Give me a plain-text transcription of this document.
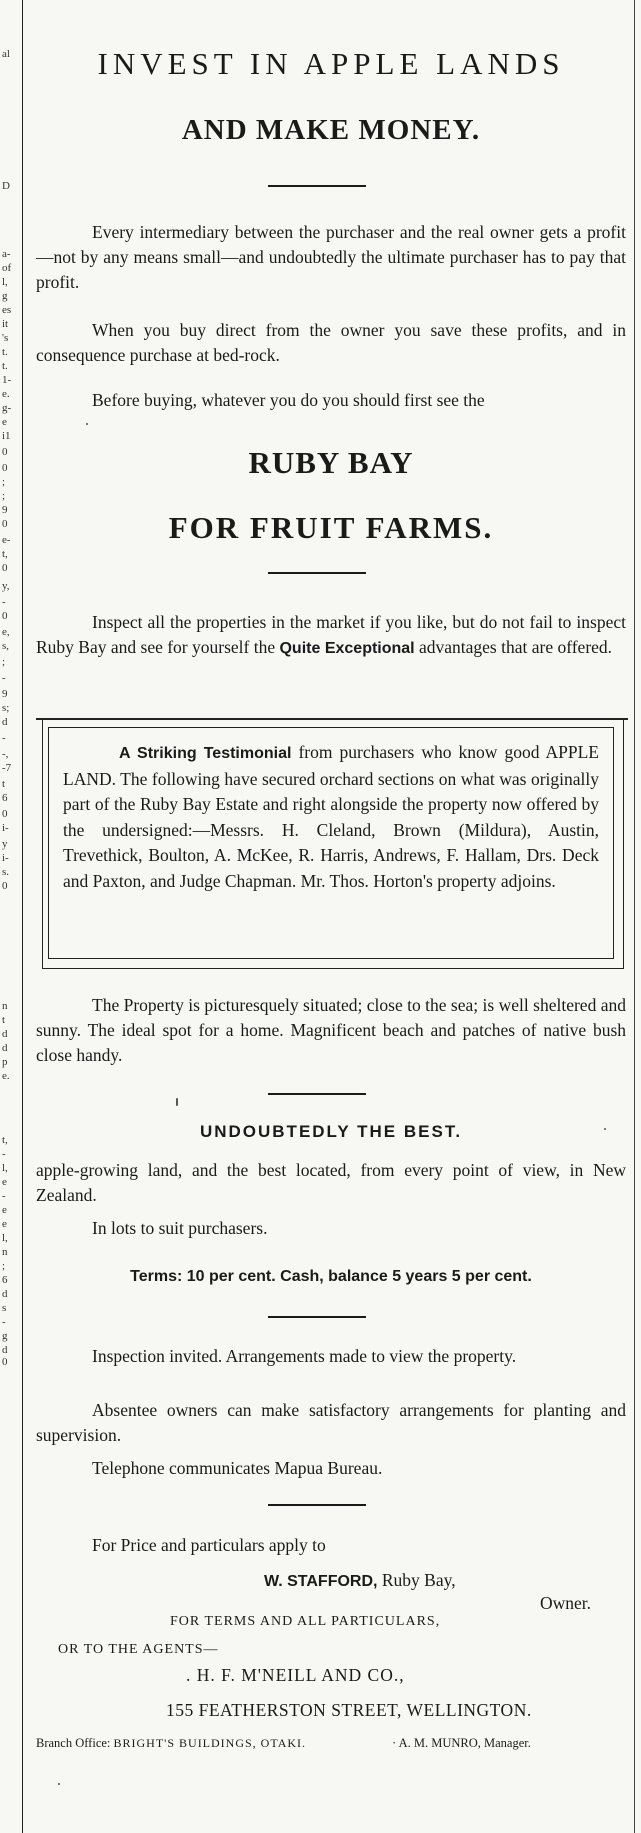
al
D
a-
of
l,
g
es
it
's
t.
t.
1-
e.
g-
e
i1
0
0
;
;
9
0
e-
t,
0
y,
-
0
e,
s,
;
-
9
s;
d
-
-,
-7
t
6
0
i-
y
i-
s.
0
n
t
d
d
p
e.
t,
-
l,
e
-
e
e
l,
n
;
6
d
s
-
g
d
0
INVEST IN APPLE LANDS
AND MAKE MONEY.

Every intermediary between the purchaser and the real owner gets a profit—not by any means small—and undoubtedly the ultimate purchaser has to pay that profit.

When you buy direct from the owner you save these profits, and in consequence purchase at bed-rock.

Before buying, whatever you do you should first see the

RUBY BAY
FOR FRUIT FARMS.

Inspect all the properties in the market if you like, but do not fail to inspect Ruby Bay and see for yourself the Quite Exceptional advantages that are offered.

A Striking Testimonial from purchasers who know good APPLE LAND. The following have secured orchard sections on what was originally part of the Ruby Bay Estate and right alongside the property now offered by the undersigned:—Messrs. H. Cleland, Brown (Mildura), Austin, Trevethick, Boulton, A. McKee, R. Harris, Andrews, F. Hallam, Drs. Deck and Paxton, and Judge Chapman. Mr. Thos. Horton's property adjoins.

The Property is picturesquely situated; close to the sea; is well sheltered and sunny. The ideal spot for a home. Magnificent beach and patches of native bush close handy.

UNDOUBTEDLY THE BEST.

apple-growing land, and the best located, from every point of view, in New Zealand.

In lots to suit purchasers.
Terms: 10 per cent. Cash, balance 5 years 5 per cent.

Inspection invited. Arrangements made to view the property.

Absentee owners can make satisfactory arrangements for planting and supervision.

Telephone communicates Mapua Bureau.
For Price and particulars apply to
W. STAFFORD, Ruby Bay,
Owner.
FOR TERMS AND ALL PARTICULARS,
OR TO THE AGENTS—
. H. F. M'NEILL AND CO.,
155 FEATHERSTON STREET, WELLINGTON.
Branch Office: BRIGHT'S BUILDINGS, OTAKI.	· A. M. MUNRO, Manager.
